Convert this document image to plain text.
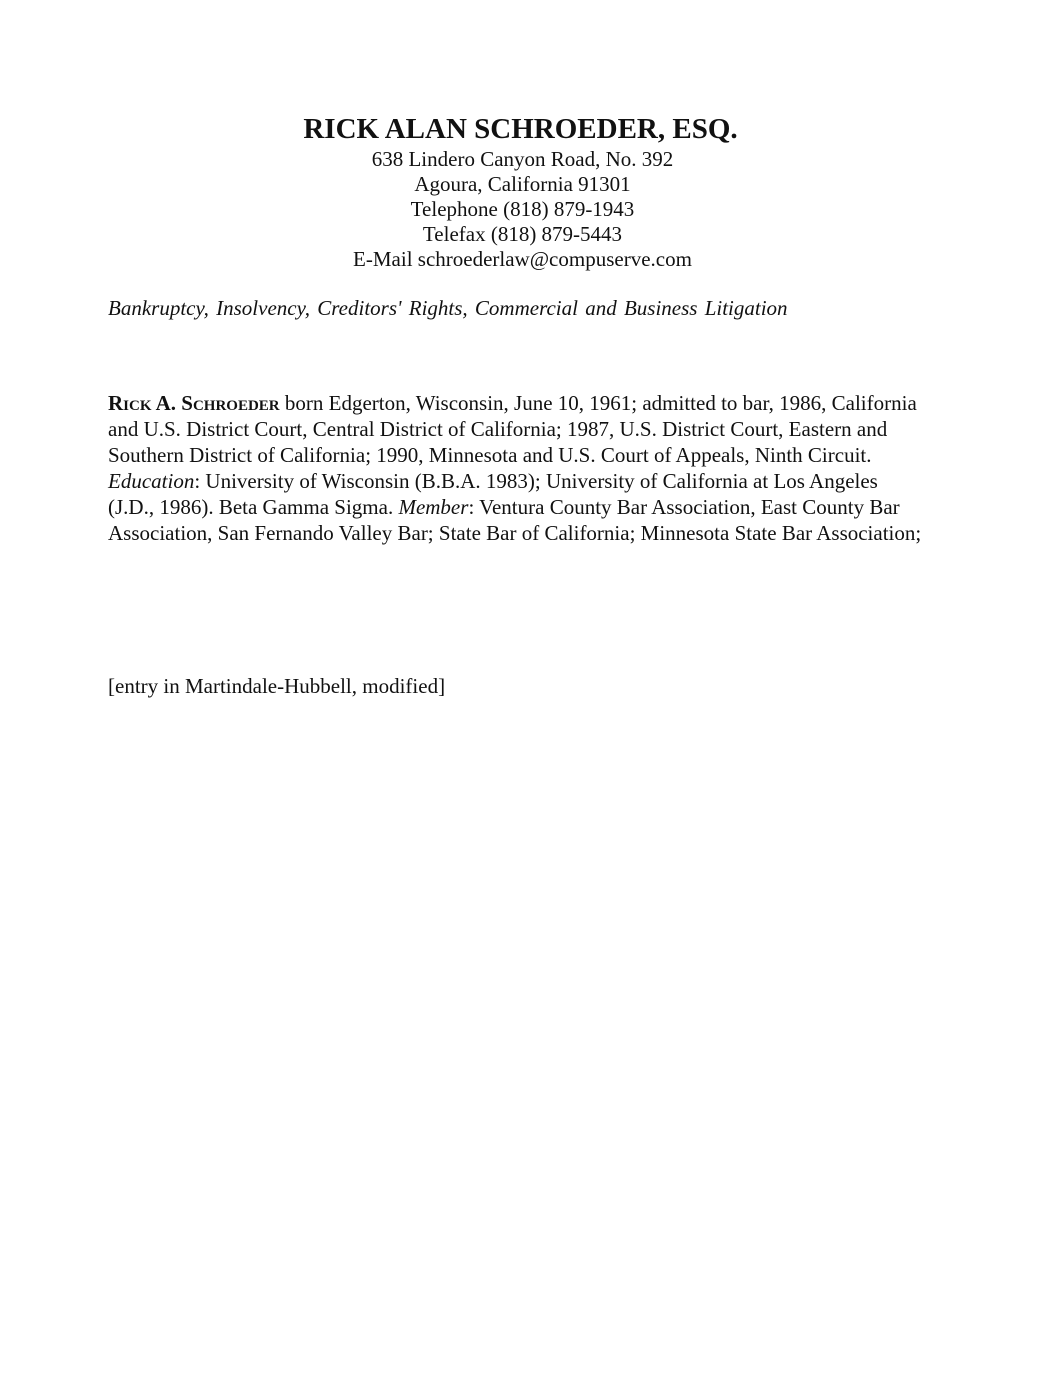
RICK ALAN SCHROEDER, ESQ.
638 Lindero Canyon Road, No. 392
Agoura, California 91301
Telephone (818) 879-1943
Telefax (818) 879-5443
E-Mail schroederlaw@compuserve.com
Bankruptcy, Insolvency, Creditors' Rights, Commercial and Business Litigation

Rick A. Schroeder born Edgerton, Wisconsin, June 10, 1961; admitted to bar, 1986, California and U.S. District Court, Central District of California; 1987, U.S. District Court, Eastern and Southern District of California; 1990, Minnesota and U.S. Court of Appeals, Ninth Circuit. Education: University of Wisconsin (B.B.A. 1983); University of California at Los Angeles (J.D., 1986). Beta Gamma Sigma. Member: Ventura County Bar Association, East County Bar Association, San Fernando Valley Bar; State Bar of California; Minnesota State Bar Association;

[entry in Martindale-Hubbell, modified]
